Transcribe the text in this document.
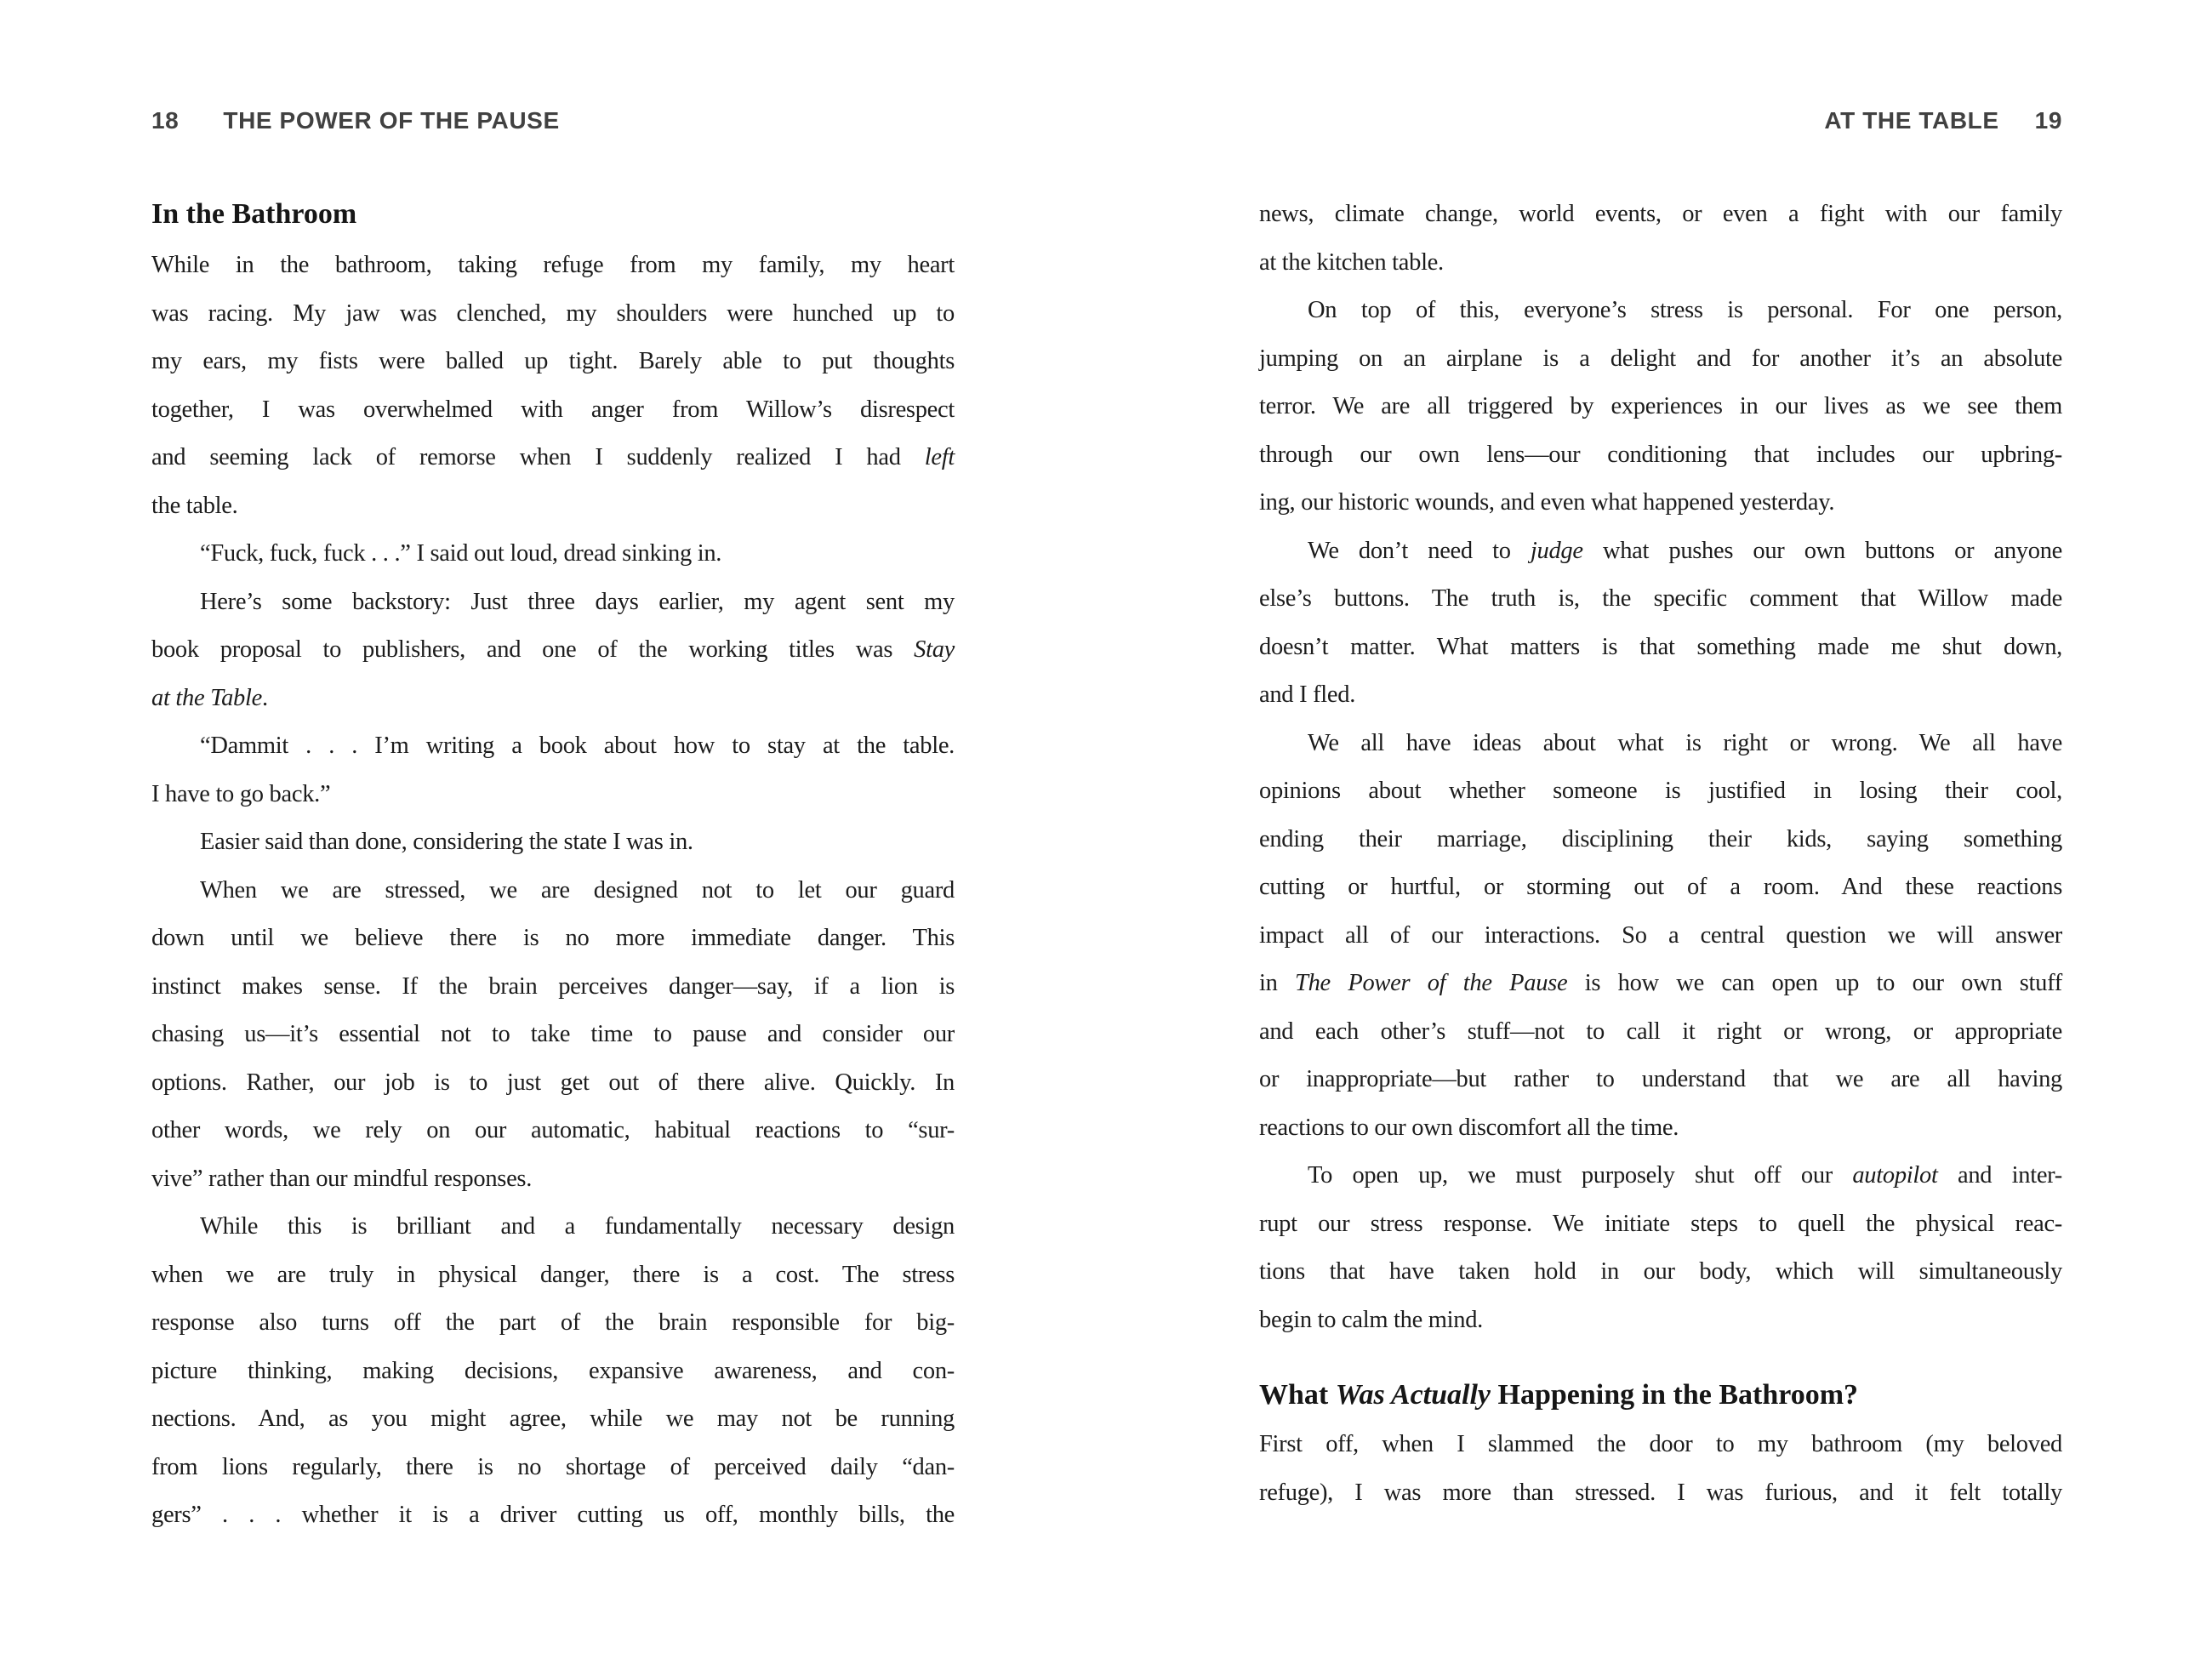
18 THE POWER OF THE PAUSE	AT THE TABLE 19
In the Bathroom
While in the bathroom, taking refuge from my family, my heart
was racing. My jaw was clenched, my shoulders were hunched up to
my ears, my fists were balled up tight. Barely able to put thoughts
together, I was overwhelmed with anger from Willow’s disrespect
and seeming lack of remorse when I suddenly realized I had left
the table.
“Fuck, fuck, fuck . . .” I said out loud, dread sinking in.
Here’s some backstory: Just three days earlier, my agent sent my
book proposal to publishers, and one of the working titles was Stay
at the Table.
“Dammit . . . I’m writing a book about how to stay at the table.
I have to go back.”
Easier said than done, considering the state I was in.
When we are stressed, we are designed not to let our guard
down until we believe there is no more immediate danger. This
instinct makes sense. If the brain perceives danger—say, if a lion is
chasing us—it’s essential not to take time to pause and consider our
options. Rather, our job is to just get out of there alive. Quickly. In
other words, we rely on our automatic, habitual reactions to “sur-
vive” rather than our mindful responses.
While this is brilliant and a fundamentally necessary design
when we are truly in physical danger, there is a cost. The stress
response also turns off the part of the brain responsible for big-
picture thinking, making decisions, expansive awareness, and con-
nections. And, as you might agree, while we may not be running
from lions regularly, there is no shortage of perceived daily “dan-
gers” . . . whether it is a driver cutting us off, monthly bills, the
news, climate change, world events, or even a fight with our family
at the kitchen table.
On top of this, everyone’s stress is personal. For one person,
jumping on an airplane is a delight and for another it’s an absolute
terror. We are all triggered by experiences in our lives as we see them
through our own lens—our conditioning that includes our upbring-
ing, our historic wounds, and even what happened yesterday.
We don’t need to judge what pushes our own buttons or anyone
else’s buttons. The truth is, the specific comment that Willow made
doesn’t matter. What matters is that something made me shut down,
and I fled.
We all have ideas about what is right or wrong. We all have
opinions about whether someone is justified in losing their cool,
ending their marriage, disciplining their kids, saying something
cutting or hurtful, or storming out of a room. And these reactions
impact all of our interactions. So a central question we will answer
in The Power of the Pause is how we can open up to our own stuff
and each other’s stuff—not to call it right or wrong, or appropriate
or inappropriate—but rather to understand that we are all having
reactions to our own discomfort all the time.
To open up, we must purposely shut off our autopilot and inter-
rupt our stress response. We initiate steps to quell the physical reac-
tions that have taken hold in our body, which will simultaneously
begin to calm the mind.
What Was Actually Happening in the Bathroom?
First off, when I slammed the door to my bathroom (my beloved
refuge), I was more than stressed. I was furious, and it felt totally
